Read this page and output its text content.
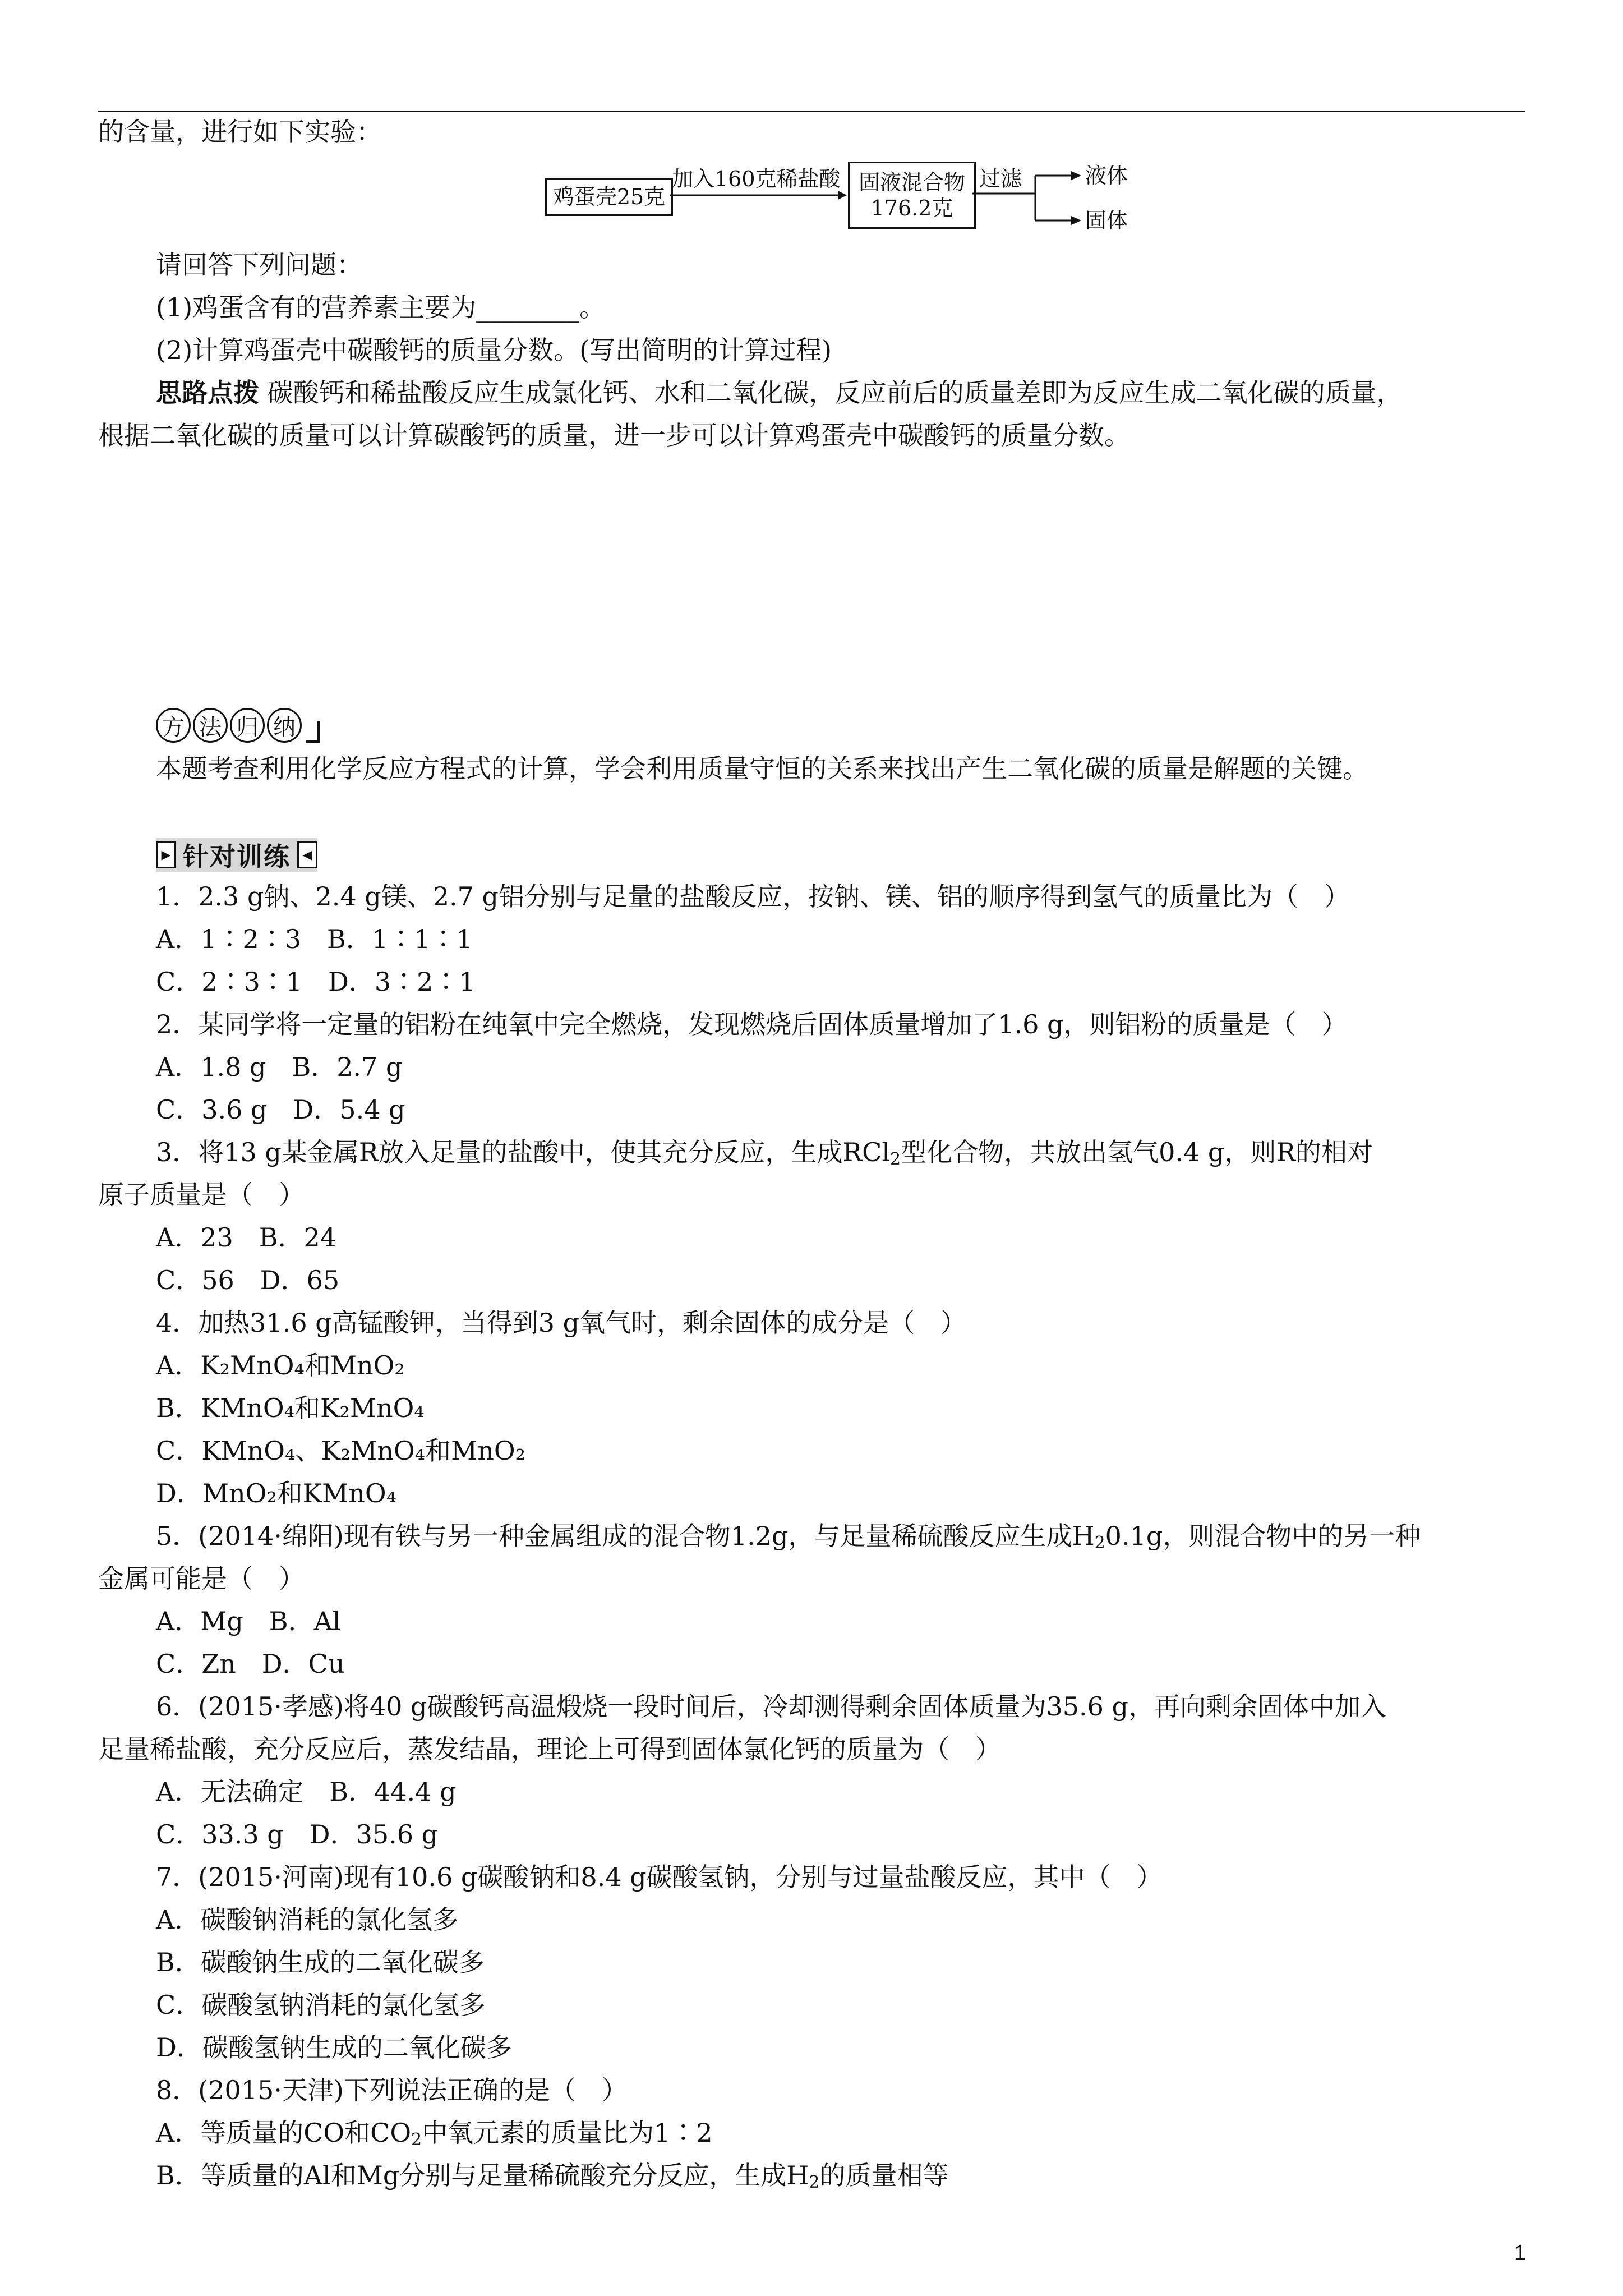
的含量，进行如下实验：
鸡蛋壳25克
加入160克稀盐酸 固液混合物
176.2克
过滤	液体
固体
请回答下列问题：
(1)鸡蛋含有的营养素主要为________。
(2)计算鸡蛋壳中碳酸钙的质量分数。(写出简明的计算过程)
思路点拨 碳酸钙和稀盐酸反应生成氯化钙、水和二氧化碳，反应前后的质量差即为反应生成二氧化碳的质量，
根据二氧化碳的质量可以计算碳酸钙的质量，进一步可以计算鸡蛋壳中碳酸钙的质量分数。
方 法 归 纳
本题考查利用化学反应方程式的计算，学会利用质量守恒的关系来找出产生二氧化碳的质量是解题的关键。
▶ 针对训练 ◀
1．2.3 g钠、2.4 g镁、2.7 g铝分别与足量的盐酸反应，按钠、镁、铝的顺序得到氢气的质量比为（　）
A．1∶2∶3　B．1∶1∶1
C．2∶3∶1　D．3∶2∶1
2．某同学将一定量的铝粉在纯氧中完全燃烧，发现燃烧后固体质量增加了1.6 g，则铝粉的质量是（　）
A．1.8 g　B．2.7 g
C．3.6 g　D．5.4 g
3．将13 g某金属R放入足量的盐酸中，使其充分反应，生成RCl$_2$型化合物，共放出氢气0.4 g，则R的相对
原子质量是（　）
A．23　B．24
C．56　D．65
4．加热31.6 g高锰酸钾，当得到3 g氧气时，剩余固体的成分是（　）
A．K₂MnO₄和MnO₂
B．KMnO₄和K₂MnO₄
C．KMnO₄、K₂MnO₄和MnO₂
D．MnO₂和KMnO₄
5．(2014·绵阳)现有铁与另一种金属组成的混合物1.2g，与足量稀硫酸反应生成$H_20.1g$，则混合物中的另一种
金属可能是（　）
A．Mg　B．Al
C．Zn　D．Cu
6．(2015·孝感)将40 g碳酸钙高温煅烧一段时间后，冷却测得剩余固体质量为35.6 g，再向剩余固体中加入
足量稀盐酸，充分反应后，蒸发结晶，理论上可得到固体氯化钙的质量为（　）
A．无法确定　B．44.4 g
C．33.3 g　D．35.6 g
7．(2015·河南)现有10.6 g碳酸钠和8.4 g碳酸氢钠，分别与过量盐酸反应，其中（　）
A．碳酸钠消耗的氯化氢多
B．碳酸钠生成的二氧化碳多
C．碳酸氢钠消耗的氯化氢多
D．碳酸氢钠生成的二氧化碳多
8．(2015·天津)下列说法正确的是（　）
A．等质量的CO和$CO_2$中氧元素的质量比为1∶2
B．等质量的Al和Mg分别与足量稀硫酸充分反应，生成$H_2$的质量相等
1
